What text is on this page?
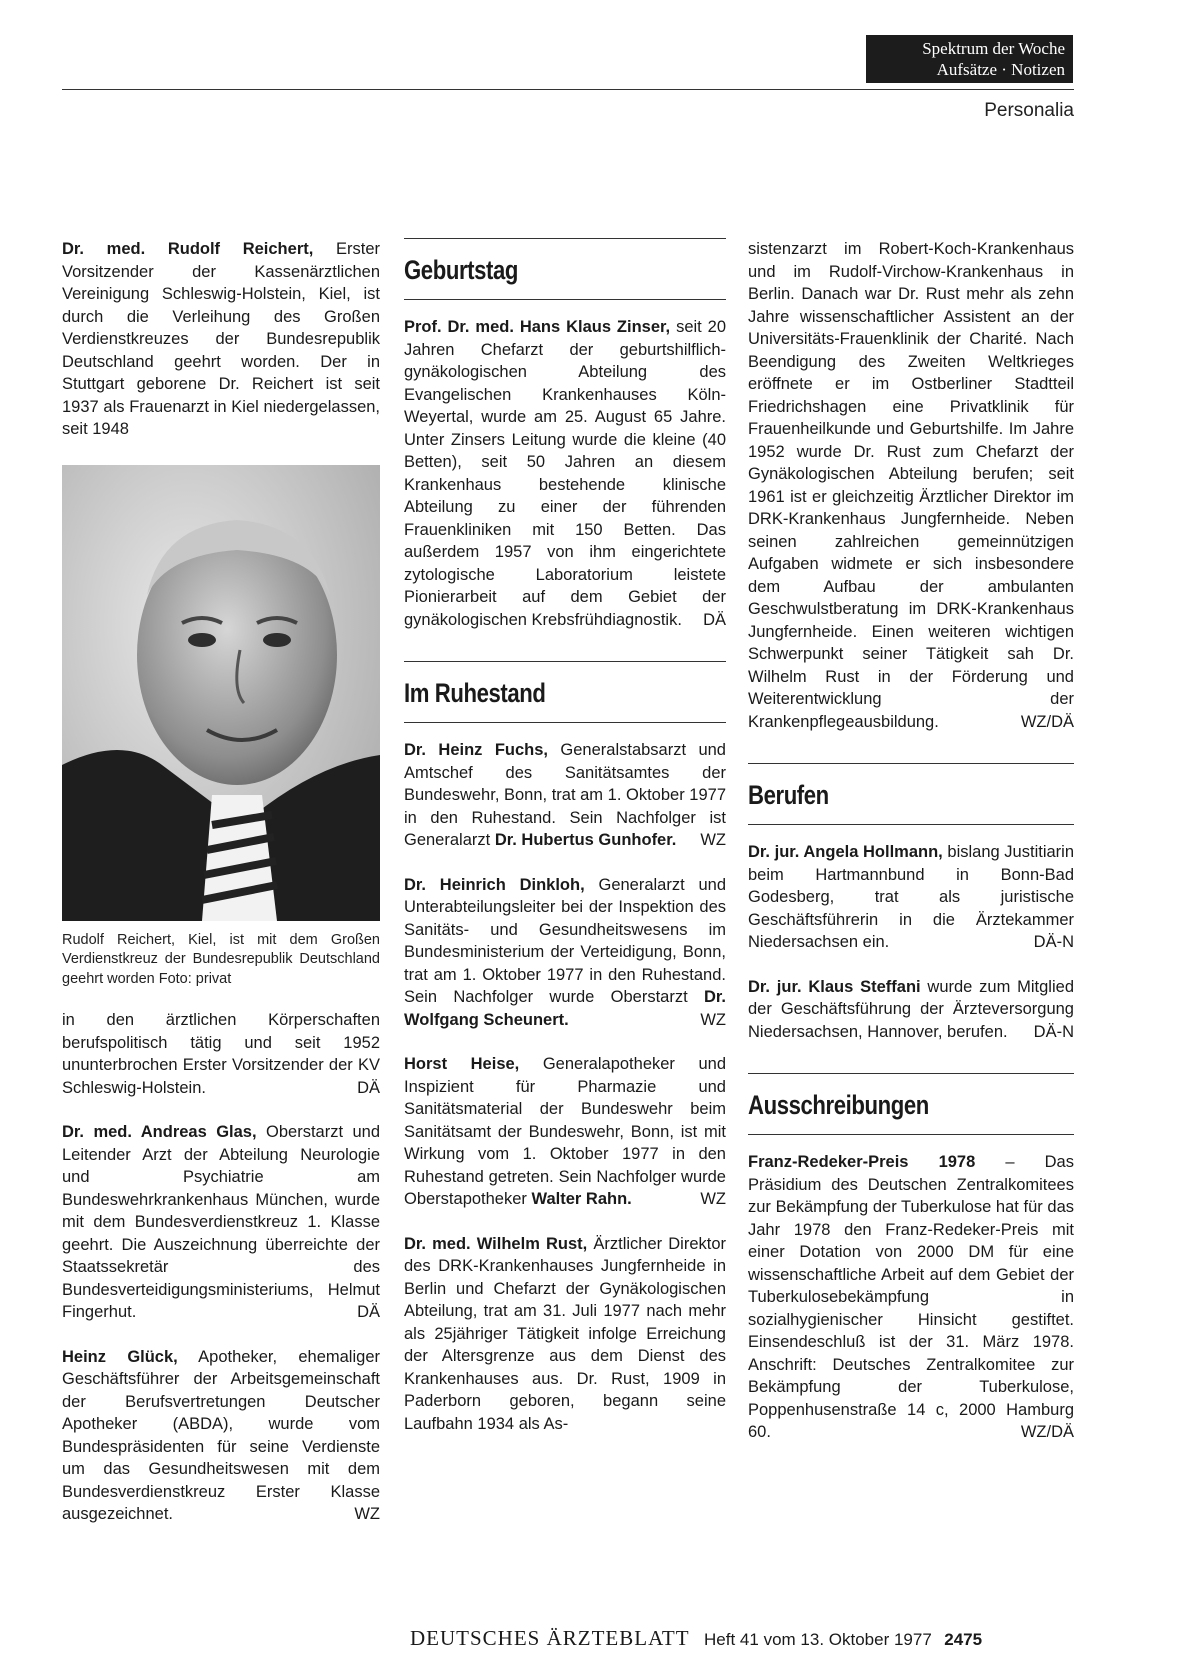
Spektrum der Woche
Aufsätze · Notizen
Personalia

Dr. med. Rudolf Reichert, Erster Vorsitzender der Kassenärztlichen Vereinigung Schleswig-Holstein, Kiel, ist durch die Verleihung des Großen Verdienstkreuzes der Bundesrepublik Deutschland geehrt worden. Der in Stuttgart geborene Dr. Reichert ist seit 1937 als Frauenarzt in Kiel niedergelassen, seit 1948

Rudolf Reichert, Kiel, ist mit dem Großen Verdienstkreuz der Bundesrepublik Deutschland geehrt worden Foto: privat

in den ärztlichen Körperschaften berufspolitisch tätig und seit 1952 ununterbrochen Erster Vorsitzender der KV Schleswig-Holstein.	DÄ

Dr. med. Andreas Glas, Oberstarzt und Leitender Arzt der Abteilung Neurologie und Psychiatrie am Bundeswehrkrankenhaus München, wurde mit dem Bundesverdienstkreuz 1. Klasse geehrt. Die Auszeichnung überreichte der Staatssekretär des Bundesverteidigungsministeriums, Helmut Fingerhut.	DÄ

Heinz Glück, Apotheker, ehemaliger Geschäftsführer der Arbeitsgemeinschaft der Berufsvertretungen Deutscher Apotheker (ABDA), wurde vom Bundespräsidenten für seine Verdienste um das Gesundheitswesen mit dem Bundesverdienstkreuz Erster Klasse ausgezeichnet.	WZ

Geburtstag

Prof. Dr. med. Hans Klaus Zinser, seit 20 Jahren Chefarzt der geburtshilflich-gynäkologischen Abteilung des Evangelischen Krankenhauses Köln-Weyertal, wurde am 25. August 65 Jahre. Unter Zinsers Leitung wurde die kleine (40 Betten), seit 50 Jahren an diesem Krankenhaus bestehende klinische Abteilung zu einer der führenden Frauenkliniken mit 150 Betten. Das außerdem 1957 von ihm eingerichtete zytologische Laboratorium leistete Pionierarbeit auf dem Gebiet der gynäkologischen Krebsfrühdiagnostik. DÄ

Im Ruhestand

Dr. Heinz Fuchs, Generalstabsarzt und Amtschef des Sanitätsamtes der Bundeswehr, Bonn, trat am 1. Oktober 1977 in den Ruhestand. Sein Nachfolger ist Generalarzt Dr. Hubertus Gunhofer. WZ

Dr. Heinrich Dinkloh, Generalarzt und Unterabteilungsleiter bei der Inspektion des Sanitäts- und Gesundheitswesens im Bundesministerium der Verteidigung, Bonn, trat am 1. Oktober 1977 in den Ruhestand. Sein Nachfolger wurde Oberstarzt Dr. Wolfgang Scheunert.	WZ

Horst Heise, Generalapotheker und Inspizient für Pharmazie und Sanitätsmaterial der Bundeswehr beim Sanitätsamt der Bundeswehr, Bonn, ist mit Wirkung vom 1. Oktober 1977 in den Ruhestand getreten. Sein Nachfolger wurde Oberstapotheker Walter Rahn.	WZ

Dr. med. Wilhelm Rust, Ärztlicher Direktor des DRK-Krankenhauses Jungfernheide in Berlin und Chefarzt der Gynäkologischen Abteilung, trat am 31. Juli 1977 nach mehr als 25jähriger Tätigkeit infolge Erreichung der Altersgrenze aus dem Dienst des Krankenhauses aus. Dr. Rust, 1909 in Paderborn geboren, begann seine Laufbahn 1934 als As-

sistenzarzt im Robert-Koch-Krankenhaus und im Rudolf-Virchow-Krankenhaus in Berlin. Danach war Dr. Rust mehr als zehn Jahre wissenschaftlicher Assistent an der Universitäts-Frauenklinik der Charité. Nach Beendigung des Zweiten Weltkrieges eröffnete er im Ostberliner Stadtteil Friedrichshagen eine Privatklinik für Frauenheilkunde und Geburtshilfe. Im Jahre 1952 wurde Dr. Rust zum Chefarzt der Gynäkologischen Abteilung berufen; seit 1961 ist er gleichzeitig Ärztlicher Direktor im DRK-Krankenhaus Jungfernheide. Neben seinen zahlreichen gemeinnützigen Aufgaben widmete er sich insbesondere dem Aufbau der ambulanten Geschwulstberatung im DRK-Krankenhaus Jungfernheide. Einen weiteren wichtigen Schwerpunkt seiner Tätigkeit sah Dr. Wilhelm Rust in der Förderung und Weiterentwicklung der Krankenpflegeausbildung.	WZ/DÄ

Berufen

Dr. jur. Angela Hollmann, bislang Justitiarin beim Hartmannbund in Bonn-Bad Godesberg, trat als juristische Geschäftsführerin in die Ärztekammer Niedersachsen ein.	DÄ-N

Dr. jur. Klaus Steffani wurde zum Mitglied der Geschäftsführung der Ärzteversorgung Niedersachsen, Hannover, berufen. DÄ-N

Ausschreibungen

Franz-Redeker-Preis 1978 – Das Präsidium des Deutschen Zentralkomitees zur Bekämpfung der Tuberkulose hat für das Jahr 1978 den Franz-Redeker-Preis mit einer Dotation von 2000 DM für eine wissenschaftliche Arbeit auf dem Gebiet der Tuberkulosebekämpfung in sozialhygienischer Hinsicht gestiftet. Einsendeschluß ist der 31. März 1978. Anschrift: Deutsches Zentralkomitee zur Bekämpfung der Tuberkulose, Poppenhusenstraße 14 c, 2000 Hamburg 60.	WZ/DÄ

DEUTSCHES ÄRZTEBLATT Heft 41 vom 13. Oktober 1977 2475
